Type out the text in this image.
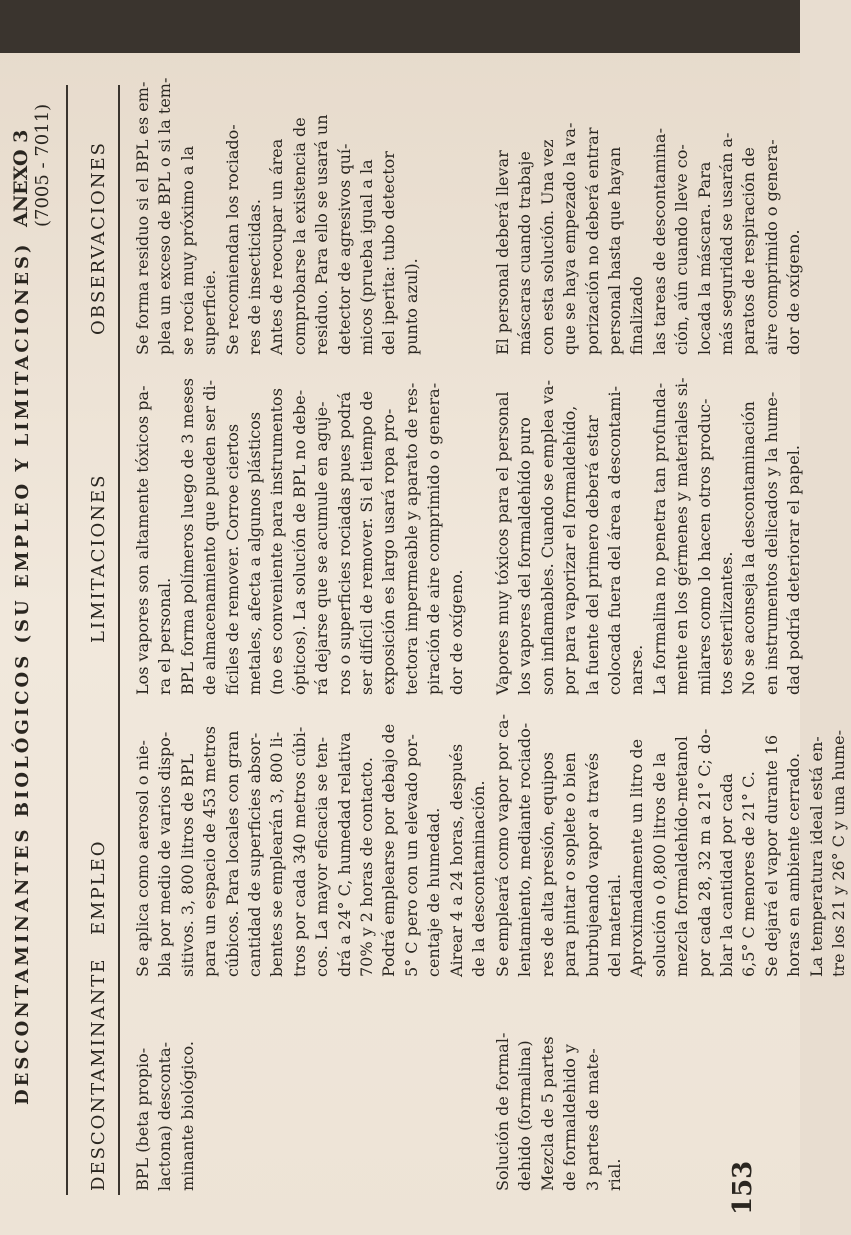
DESCONTAMINANTES BIOLÓGICOS (SU EMPLEO Y LIMITACIONES)
ANEXO 3 (7005 - 7011)
153
DESCONTAMINANTE
EMPLEO
LIMITACIONES
OBSERVACIONES

BPL (beta propio- lactona) desconta- minante biológico.

Se aplica como aerosol o nie- bla por medio de varios dispo- sitivos. 3, 800 litros de BPL para un espacio de 453 metros cúbicos. Para locales con gran cantidad de superficies absor- bentes se emplearán 3, 800 li- tros por cada 340 metros cúbi- cos. La mayor eficacia se ten- drá a 24° C, humedad relativa 70% y 2 horas de contacto. Podrá emplearse por debajo de 5° C pero con un elevado por- centaje de humedad. Airear 4 a 24 horas, después de la descontaminación.

Los vapores son altamente tóxicos pa- ra el personal. BPL forma polímeros luego de 3 meses de almacenamiento que pueden ser di- fíciles de remover. Corroe ciertos metales, afecta a algunos plásticos (no es conveniente para instrumentos ópticos). La solución de BPL no debe- rá dejarse que se acumule en aguje- ros o superficies rociadas pues podrá ser difícil de remover. Si el tiempo de exposición es largo usará ropa pro- tectora impermeable y aparato de res- piración de aire comprimido o genera- dor de oxígeno.

Se forma residuo si el BPL es em- plea un exceso de BPL o si la tem- se rocía muy próximo a la superficie. Se recomiendan los rociado- res de insecticidas. Antes de reocupar un área comprobarse la existencia de residuo. Para ello se usará un detector de agresivos quí- micos (prueba igual a la del iperita: tubo detector punto azul).

Solución de formal- dehido (formalina) Mezcla de 5 partes de formaldehido y 3 partes de mate- rial.

Se empleará como vapor por ca- lentamiento, mediante rociado- res de alta presión, equipos para pintar o soplete o bien burbujeando vapor a través del material. Aproximadamente un litro de solución o 0,800 litros de la mezcla formaldehído-metanol por cada 28, 32 m a 21° C; do- blar la cantidad por cada 6,5° C menores de 21° C. Se dejará el vapor durante 16 horas en ambiente cerrado. La temperatura ideal está en- tre los 21 y 26° C y una hume-

Vapores muy tóxicos para el personal los vapores del formaldehído puro son inflamables. Cuando se emplea va- por para vaporizar el formaldehído, la fuente del primero deberá estar colocada fuera del área a descontami- narse. La formalina no penetra tan profunda- mente en los gérmenes y materiales si- milares como lo hacen otros produc- tos esterilizantes. No se aconseja la descontaminación en instrumentos delicados y la hume- dad podría deteriorar el papel.

El personal deberá llevar máscaras cuando trabaje con esta solución. Una vez que se haya empezado la va- porización no deberá entrar personal hasta que hayan finalizado las tareas de descontamina- ción, aún cuando lleve co- locada la máscara. Para más seguridad se usarán a- paratos de respiración de aire comprimido o genera- dor de oxígeno.
